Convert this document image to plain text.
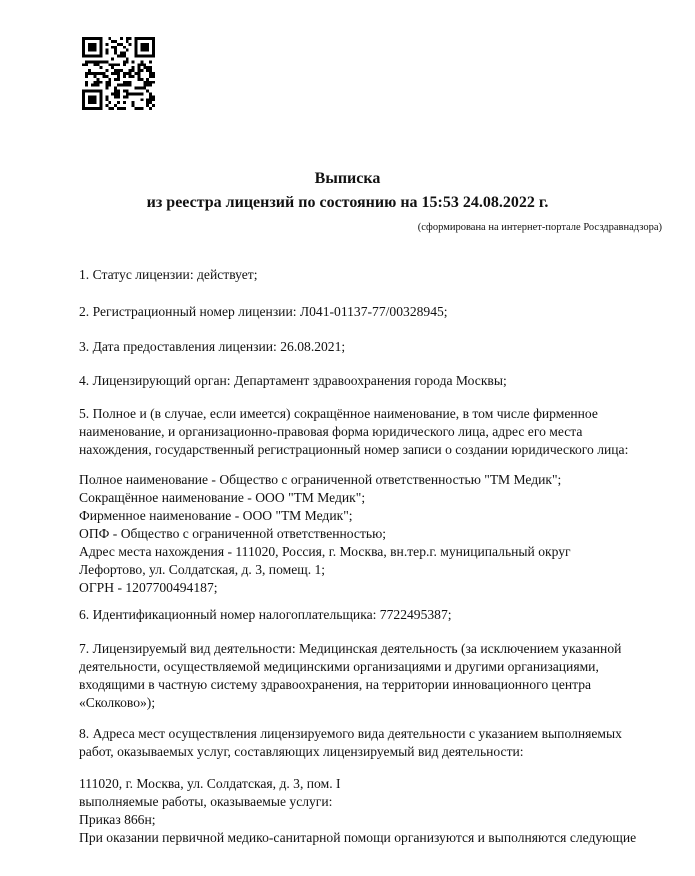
Выписка
из реестра лицензий по состоянию на 15:53 24.08.2022 г.
(сформирована на интернет-портале Росздравнадзора)
1. Статус лицензии: действует;
2. Регистрационный номер лицензии: Л041-01137-77/00328945;
3. Дата предоставления лицензии: 26.08.2021;
4. Лицензирующий орган: Департамент здравоохранения города Москвы;
5. Полное и (в случае, если имеется) сокращённое наименование, в том числе фирменное
наименование, и организационно-правовая форма юридического лица, адрес его места
нахождения, государственный регистрационный номер записи о создании юридического лица:
Полное наименование - Общество с ограниченной ответственностью "ТМ Медик";
Сокращённое наименование - ООО "ТМ Медик";
Фирменное наименование - ООО "ТМ Медик";
ОПФ - Общество с ограниченной ответственностью;
Адрес места нахождения - 111020, Россия, г. Москва, вн.тер.г. муниципальный округ
Лефортово, ул. Солдатская, д. 3, помещ. 1;
ОГРН - 1207700494187;
6. Идентификационный номер налогоплательщика: 7722495387;
7. Лицензируемый вид деятельности: Медицинская деятельность (за исключением указанной
деятельности, осуществляемой медицинскими организациями и другими организациями,
входящими в частную систему здравоохранения, на территории инновационного центра
«Сколково»);
8. Адреса мест осуществления лицензируемого вида деятельности с указанием выполняемых
работ, оказываемых услуг, составляющих лицензируемый вид деятельности:
111020, г. Москва, ул. Солдатская, д. 3, пом. I
выполняемые работы, оказываемые услуги:
Приказ 866н;
При оказании первичной медико-санитарной помощи организуются и выполняются следующие
